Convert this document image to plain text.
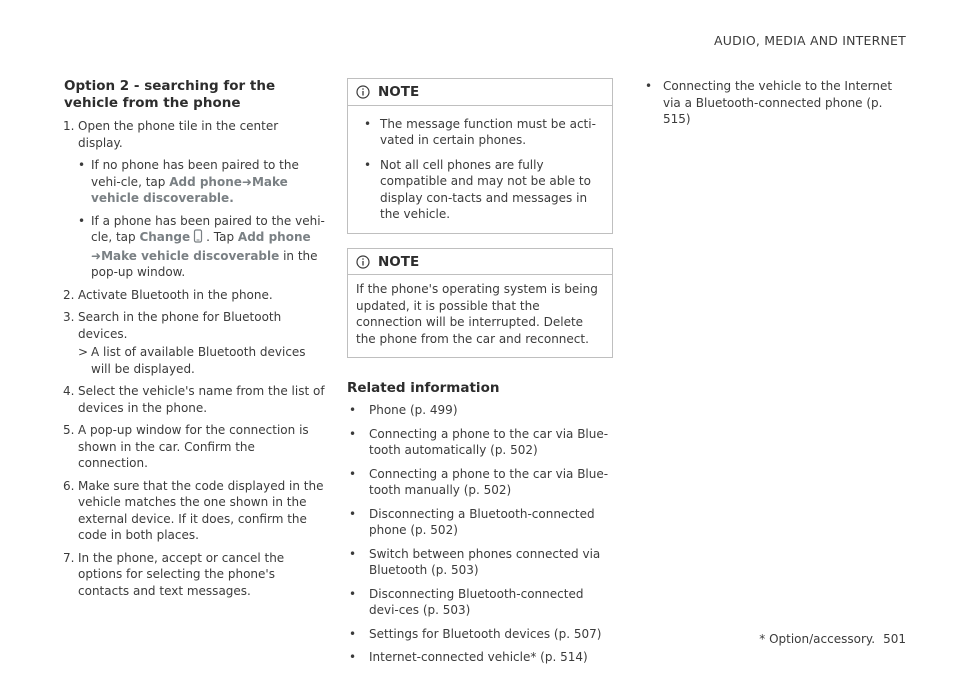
AUDIO, MEDIA AND INTERNET
Option 2 - searching for the vehicle from the phone
1. Open the phone tile in the center display.
• If no phone has been paired to the vehi-cle, tap Add phone➜Make vehicle discoverable.
• If a phone has been paired to the vehi-cle, tap Change . Tap Add phone
➜Make vehicle discoverable in the pop-up window.
2. Activate Bluetooth in the phone.
3. Search in the phone for Bluetooth devices.
> A list of available Bluetooth devices will be displayed.
4. Select the vehicle's name from the list of devices in the phone.
5. A pop-up window for the connection is shown in the car. Confirm the connection.
6. Make sure that the code displayed in the vehicle matches the one shown in the external device. If it does, confirm the code in both places.
7. In the phone, accept or cancel the options for selecting the phone's contacts and text messages.
NOTE
• The message function must be acti-vated in certain phones.
• Not all cell phones are fully compatible and may not be able to display con-tacts and messages in the vehicle.
NOTE
If the phone's operating system is being updated, it is possible that the connection will be interrupted. Delete the phone from the car and reconnect.
Related information
• Phone (p. 499)
• Connecting a phone to the car via Blue-tooth automatically (p. 502)
• Connecting a phone to the car via Blue-tooth manually (p. 502)
• Disconnecting a Bluetooth-connected phone (p. 502)
• Switch between phones connected via Bluetooth (p. 503)
• Disconnecting Bluetooth-connected devi-ces (p. 503)
• Settings for Bluetooth devices (p. 507)
• Internet-connected vehicle* (p. 514)
• Connecting the vehicle to the Internet via a Bluetooth-connected phone (p. 515)
* Option/accessory. 501
